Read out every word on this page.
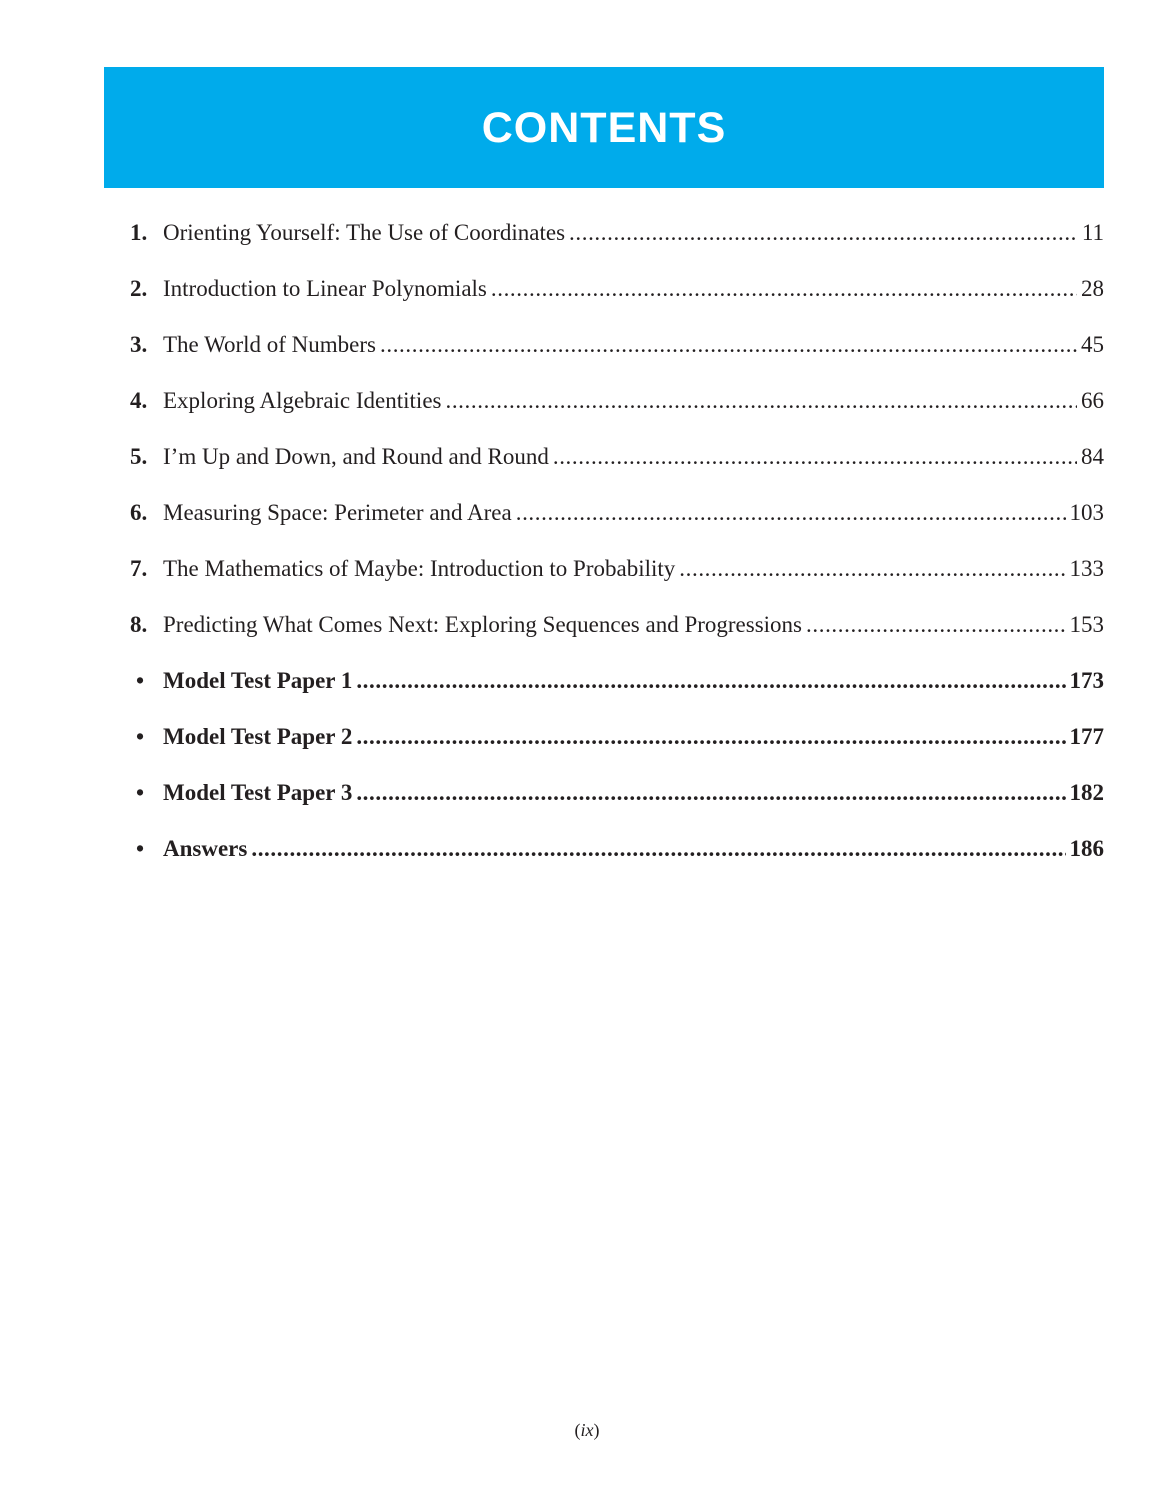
CONTENTS
1. Orienting Yourself: The Use of Coordinates .....	11
2. Introduction to Linear Polynomials .....	28
3. The World of Numbers .....	45
4. Exploring Algebraic Identities .....	66
5. I’m Up and Down, and Round and Round .....	84
6. Measuring Space: Perimeter and Area .....	103
7. The Mathematics of Maybe: Introduction to Probability .....	133
8. Predicting What Comes Next: Exploring Sequences and Progressions .....	153
• Model Test Paper 1 .....	173
• Model Test Paper 2 .....	177
• Model Test Paper 3 .....	182
• Answers .....	186
(ix)
